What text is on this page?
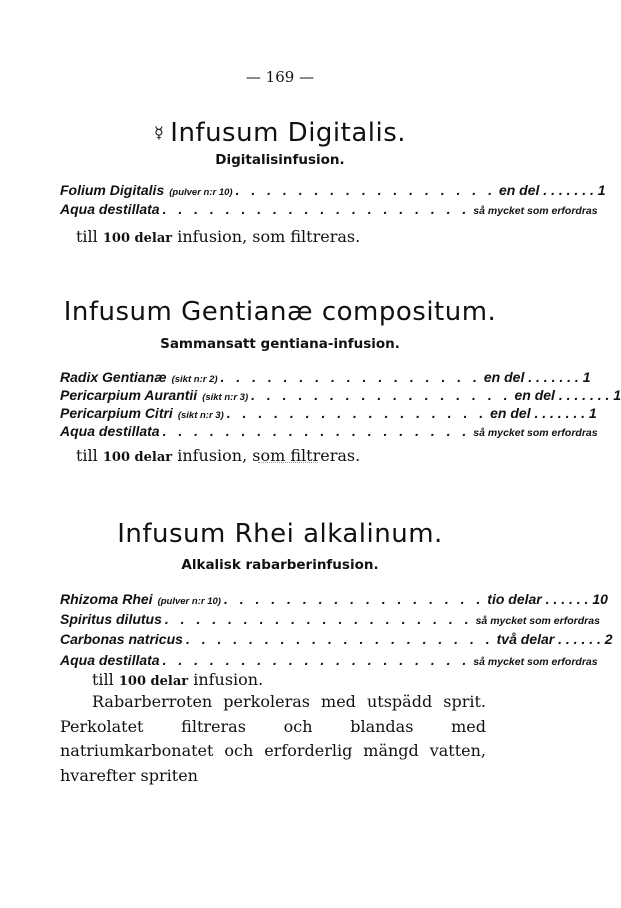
— 169 —
☿ Infusum Digitalis.
Digitalisinfusion.
Folium Digitalis (pulver n:r 10) . . . . . . . . . . . . . . . . . en del . . . . . . . 1
Aqua destillata . . . . . . . . . . . . . . . . . . . . så mycket som erfordras
till 100 delar infusion, som filtreras.
Infusum Gentianæ compositum.
Sammansatt gentiana-infusion.
Radix Gentianæ (sikt n:r 2) . . . . . . . . . . . . . . . . . en del . . . . . . . 1
Pericarpium Aurantii (sikt n:r 3) . . . . . . . . . . . . . . . . . en del . . . . . . . 1
Pericarpium Citri (sikt n:r 3) . . . . . . . . . . . . . . . . . en del . . . . . . . 1
Aqua destillata . . . . . . . . . . . . . . . . . . . . så mycket som erfordras
till 100 delar infusion, som filtreras.
Infusum Rhei alkalinum.
Alkalisk rabarberinfusion.
Rhizoma Rhei (pulver n:r 10) . . . . . . . . . . . . . . . . . tio delar . . . . . . 10
Spiritus dilutus . . . . . . . . . . . . . . . . . . . . så mycket som erfordras
Carbonas natricus . . . . . . . . . . . . . . . . . . . . två delar . . . . . . 2
Aqua destillata . . . . . . . . . . . . . . . . . . . . så mycket som erfordras
till 100 delar infusion.
Rabarberroten perkoleras med utspädd sprit. Perkolatet filtreras och blandas med natriumkarbonatet och erforderlig mängd vatten, hvarefter spriten
